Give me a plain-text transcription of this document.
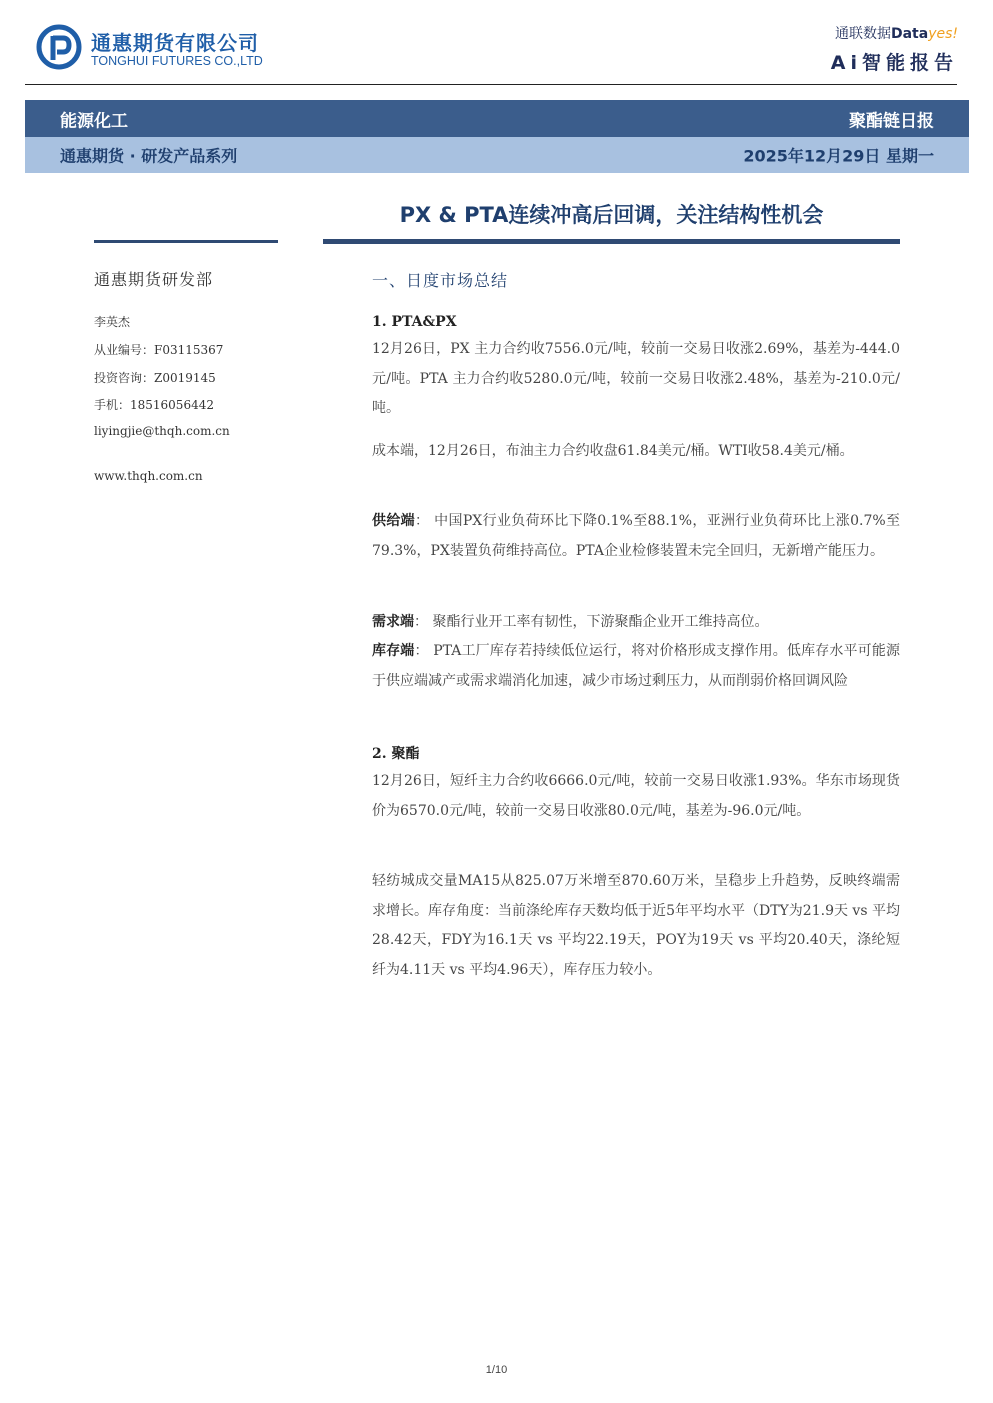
通惠期货有限公司
TONGHUI FUTURES CO.,LTD
通联数据Datayes!
Ai智能报告
能源化工	聚酯链日报
通惠期货 · 研发产品系列	2025年12月29日 星期一
PX & PTA连续冲高后回调，关注结构性机会
通惠期货研发部
李英杰
从业编号：F03115367
投资咨询：Z0019145
手机：18516056442
liyingjie@thqh.com.cn
www.thqh.com.cn
一、日度市场总结
1. PTA&PX

12月26日，PX 主力合约收7556.0元/吨，较前一交易日收涨2.69%，基差为-444.0元/吨。PTA 主力合约收5280.0元/吨，较前一交易日收涨2.48%，基差为-210.0元/吨。

成本端，12月26日，布油主力合约收盘61.84美元/桶。WTI收58.4美元/桶。

供给端： 中国PX行业负荷环比下降0.1%至88.1%，亚洲行业负荷环比上涨0.7%至79.3%，PX装置负荷维持高位。PTA企业检修装置未完全回归，无新增产能压力。

需求端： 聚酯行业开工率有韧性，下游聚酯企业开工维持高位。

库存端： PTA工厂库存若持续低位运行，将对价格形成支撑作用。低库存水平可能源于供应端减产或需求端消化加速，减少市场过剩压力，从而削弱价格回调风险

2. 聚酯

12月26日，短纤主力合约收6666.0元/吨，较前一交易日收涨1.93%。华东市场现货价为6570.0元/吨，较前一交易日收涨80.0元/吨，基差为-96.0元/吨。

轻纺城成交量MA15从825.07万米增至870.60万米，呈稳步上升趋势，反映终端需求增长。库存角度：当前涤纶库存天数均低于近5年平均水平（DTY为21.9天 vs 平均28.42天，FDY为16.1天 vs 平均22.19天，POY为19天 vs 平均20.40天，涤纶短纤为4.11天 vs 平均4.96天），库存压力较小。

1/10
